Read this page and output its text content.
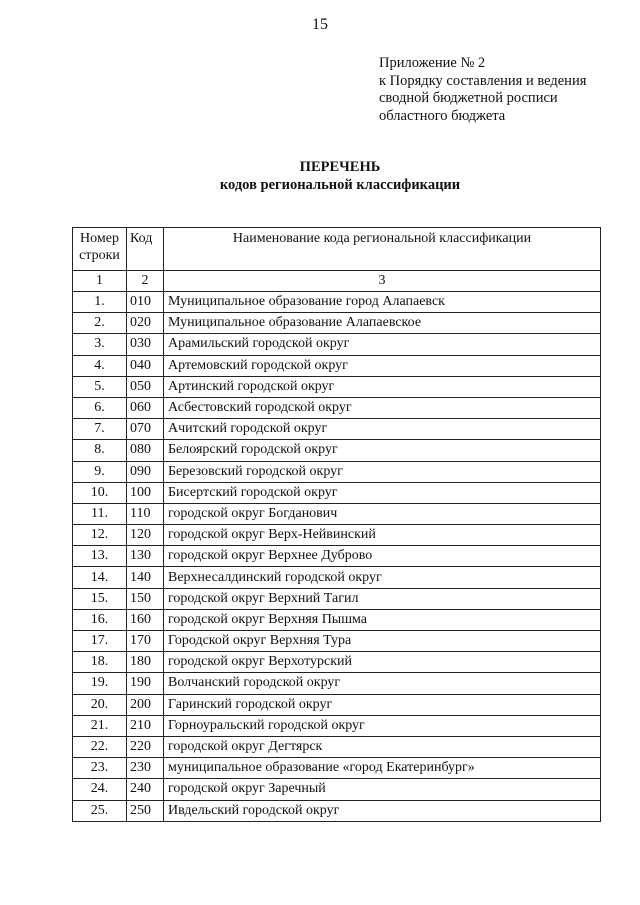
15
Приложение № 2
к Порядку составления и ведения
сводной бюджетной росписи
областного бюджета
ПЕРЕЧЕНЬ
кодов региональной классификации
Номер
строки	Код	Наименование кода региональной классификации
1	2	3
1.	010	Муниципальное образование город Алапаевск
2.	020	Муниципальное образование Алапаевское
3.	030	Арамильский городской округ
4.	040	Артемовский городской округ
5.	050	Артинский городской округ
6.	060	Асбестовский городской округ
7.	070	Ачитский городской округ
8.	080	Белоярский городской округ
9.	090	Березовский городской округ
10.	100	Бисертский городской округ
11.	110	городской округ Богданович
12.	120	городской округ Верх-Нейвинский
13.	130	городской округ Верхнее Дуброво
14.	140	Верхнесалдинский городской округ
15.	150	городской округ Верхний Тагил
16.	160	городской округ Верхняя Пышма
17.	170	Городской округ Верхняя Тура
18.	180	городской округ Верхотурский
19.	190	Волчанский городской округ
20.	200	Гаринский городской округ
21.	210	Горноуральский городской округ
22.	220	городской округ Дегтярск
23.	230	муниципальное образование «город Екатеринбург»
24.	240	городской округ Заречный
25.	250	Ивдельский городской округ
